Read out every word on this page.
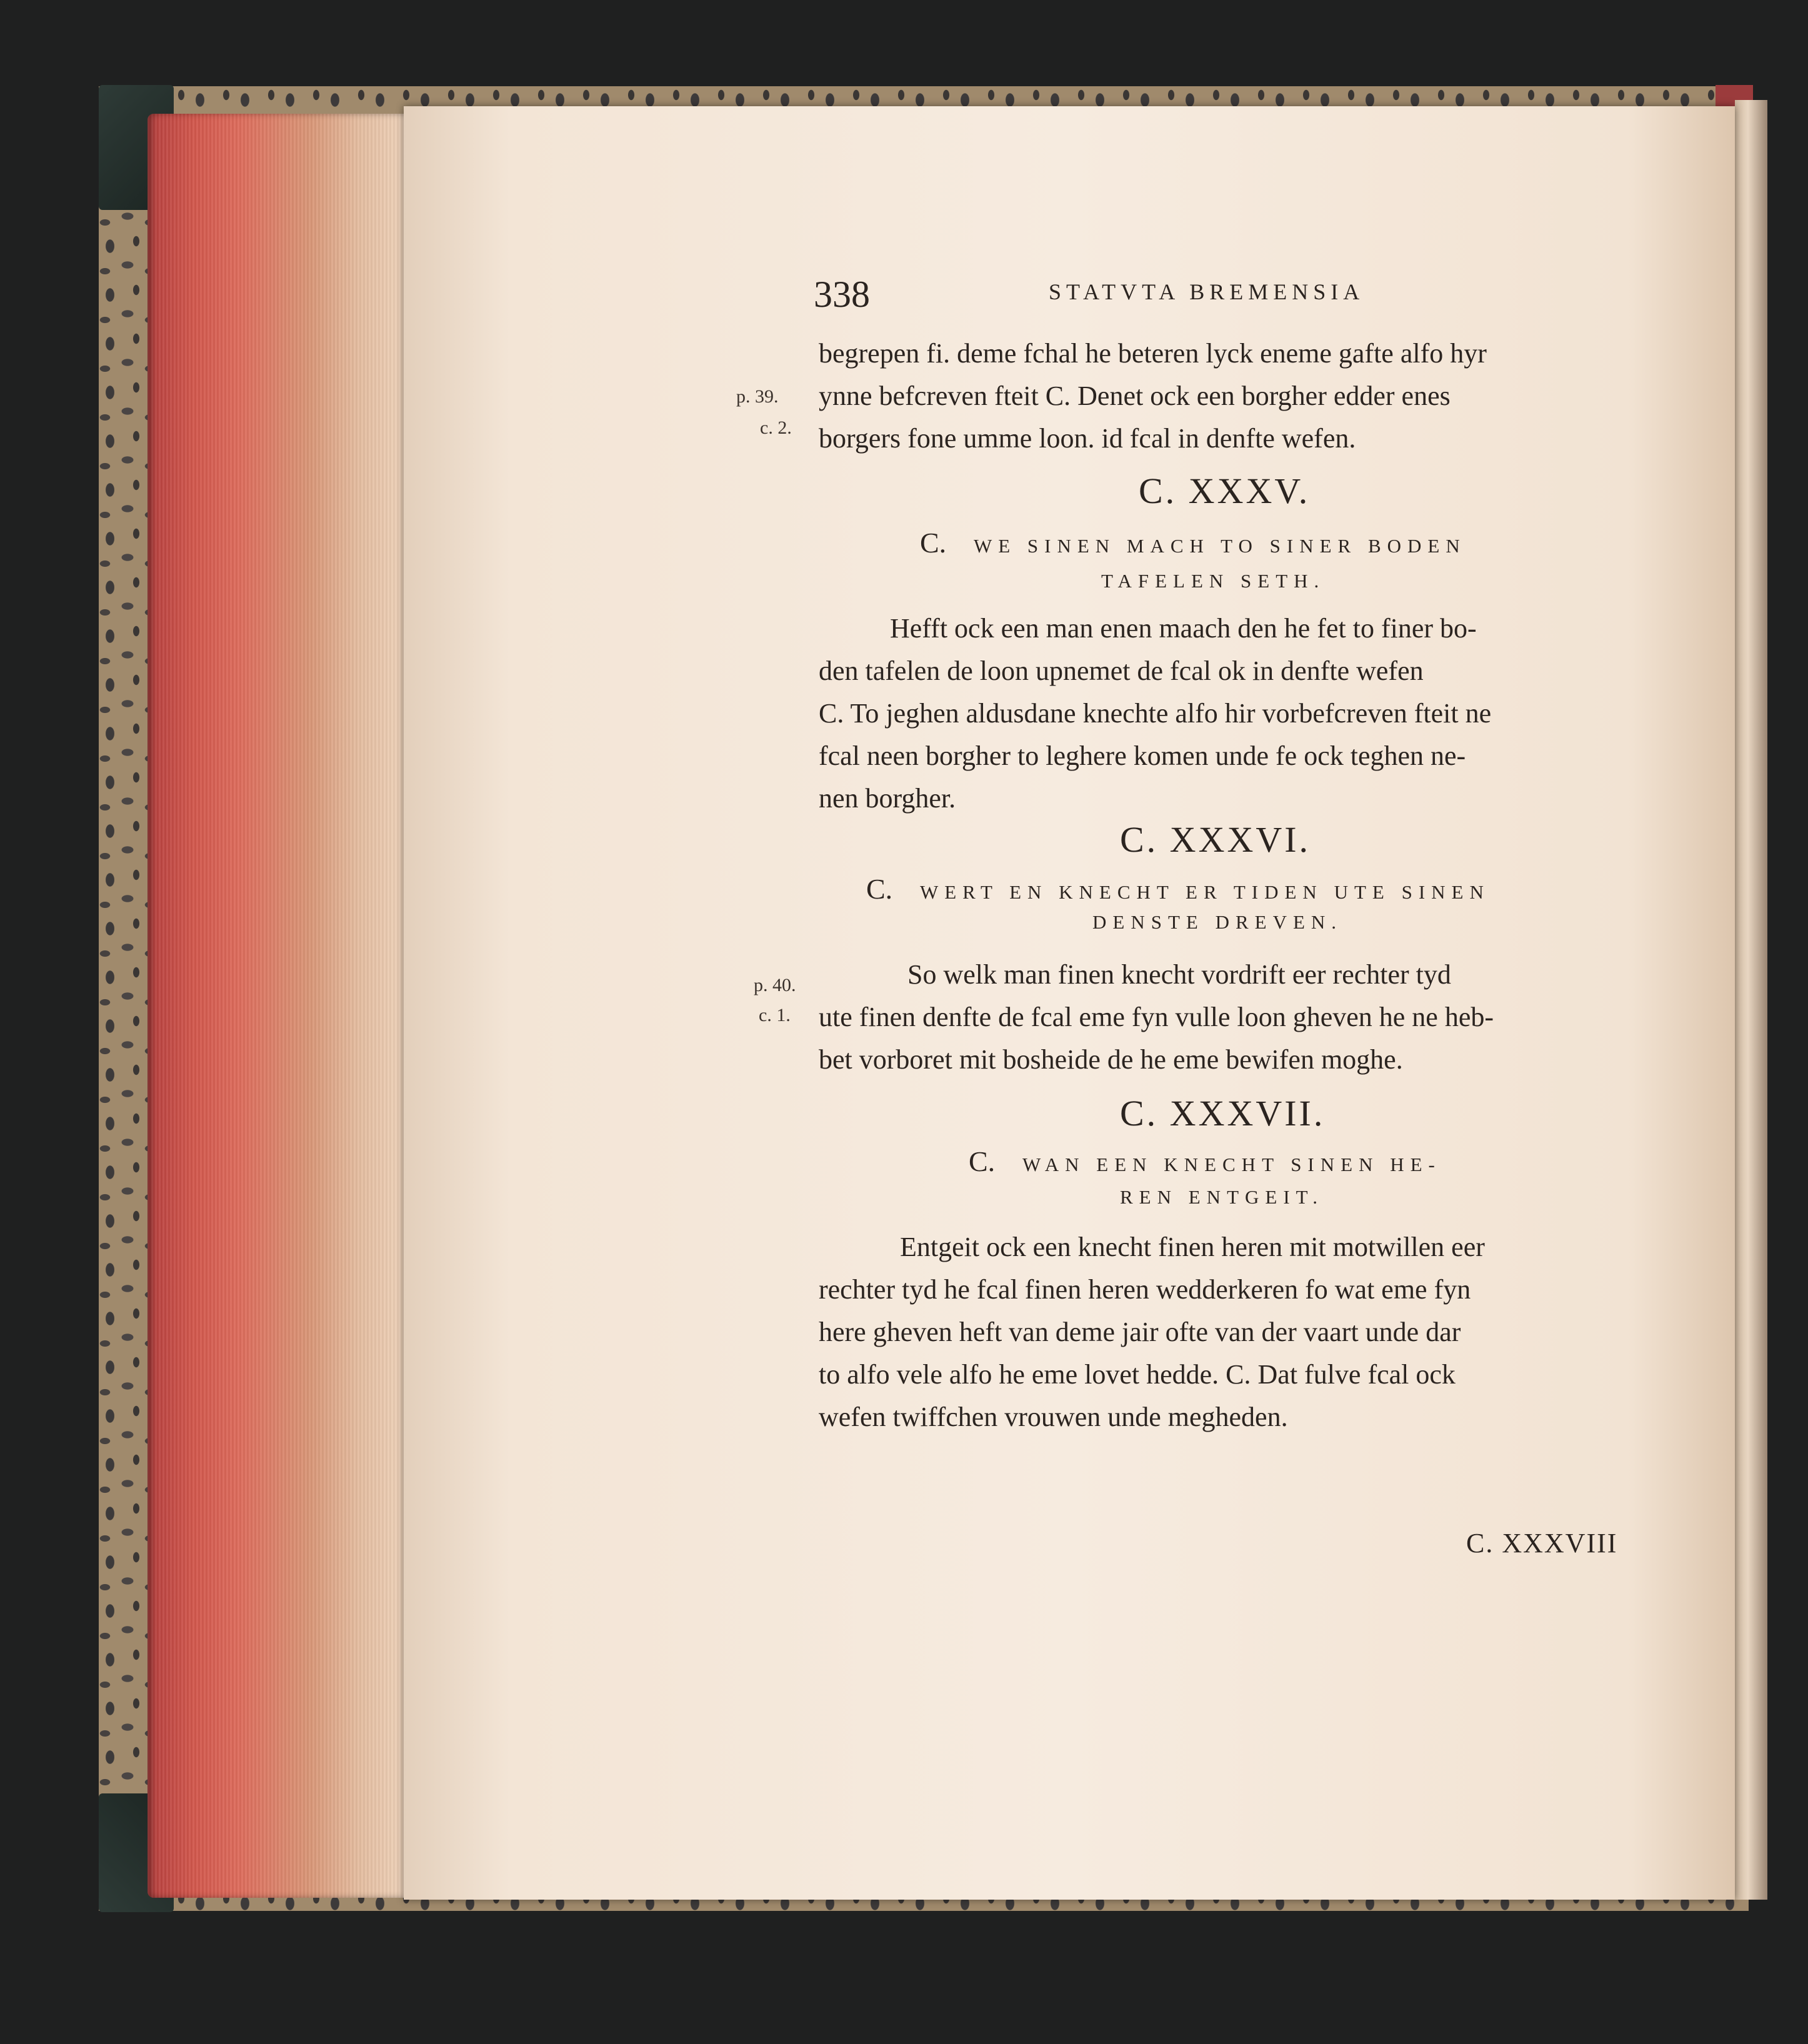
338	STATVTA BREMENSIA
begrepen fi. deme fchal he beteren lyck eneme gafte alfo hyr
ynne befcreven fteit C. Denet ock een borgher edder enes
borgers fone umme loon. id fcal in denfte wefen.
p. 39.
c. 2.
C. XXXV.
C. WE SINEN MACH TO SINER BODEN
TAFELEN SETH.
Hefft ock een man enen maach den he fet to finer bo-
den tafelen de loon upnemet de fcal ok in denfte wefen
C. To jeghen aldusdane knechte alfo hir vorbefcreven fteit ne
fcal neen borgher to leghere komen unde fe ock teghen ne-
nen borgher.
C. XXXVI.
C. WERT EN KNECHT ER TIDEN UTE SINEN
DENSTE DREVEN.
So welk man finen knecht vordrift eer rechter tyd
ute finen denfte de fcal eme fyn vulle loon gheven he ne heb-
bet vorboret mit bosheide de he eme bewifen moghe.
p. 40.
c. 1.
C. XXXVII.
C. WAN EEN KNECHT SINEN HE-
REN ENTGEIT.
Entgeit ock een knecht finen heren mit motwillen eer
rechter tyd he fcal finen heren wedderkeren fo wat eme fyn
here gheven heft van deme jair ofte van der vaart unde dar
to alfo vele alfo he eme lovet hedde. C. Dat fulve fcal ock
wefen twiffchen vrouwen unde megheden.
C. XXXVIII
